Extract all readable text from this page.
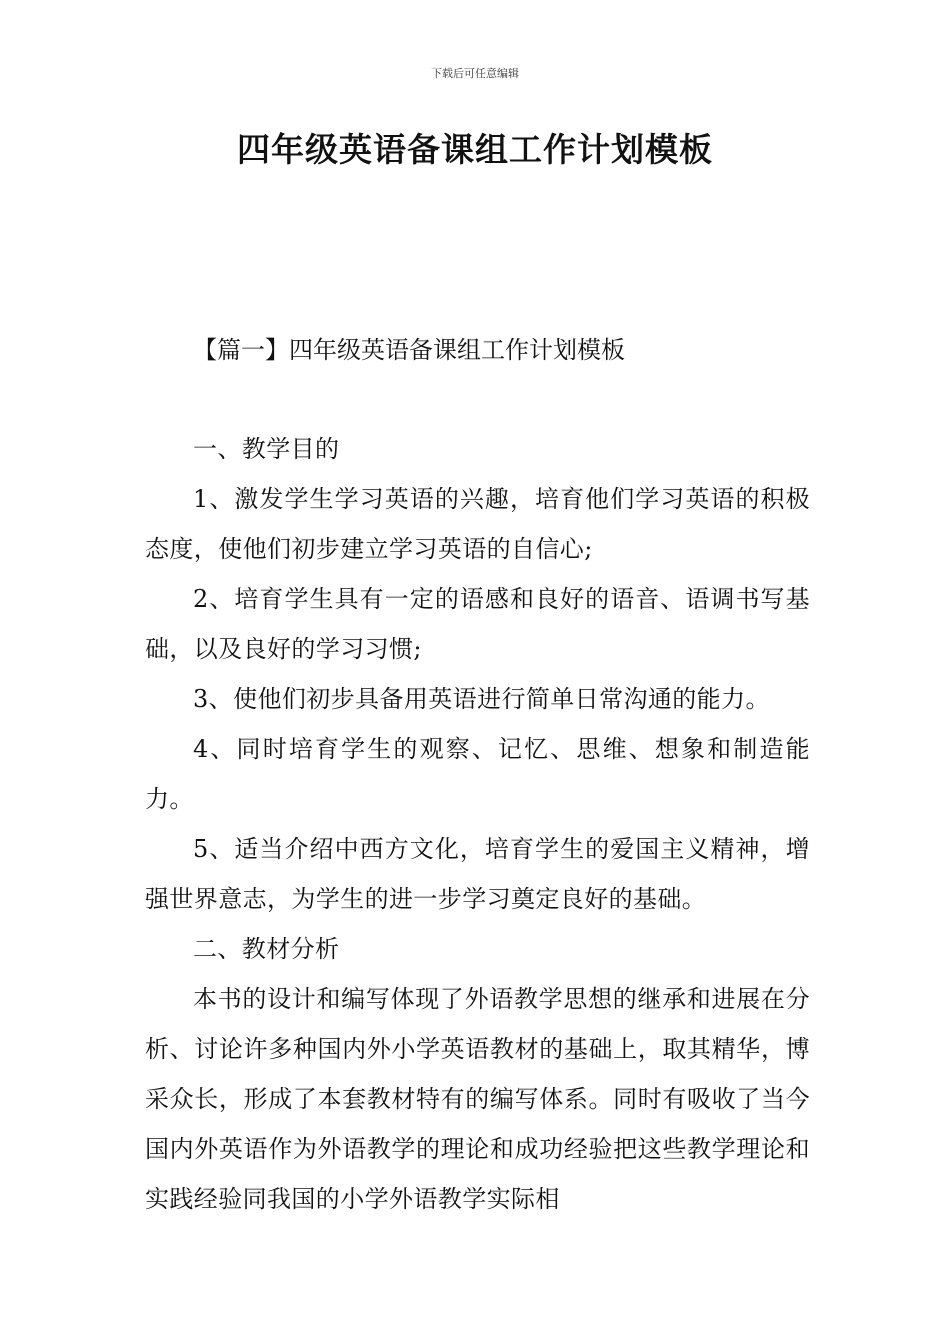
下载后可任意编辑
四年级英语备课组工作计划模板
【篇一】四年级英语备课组工作计划模板

一、教学目的

1、激发学生学习英语的兴趣，培育他们学习英语的积极态度，使他们初步建立学习英语的自信心;

2、培育学生具有一定的语感和良好的语音、语调书写基础，以及良好的学习习惯;

3、使他们初步具备用英语进行简单日常沟通的能力。

4、同时培育学生的观察、记忆、思维、想象和制造能力。

5、适当介绍中西方文化，培育学生的爱国主义精神，增强世界意志，为学生的进一步学习奠定良好的基础。

二、教材分析

本书的设计和编写体现了外语教学思想的继承和进展在分析、讨论许多种国内外小学英语教材的基础上，取其精华，博采众长，形成了本套教材特有的编写体系。同时有吸收了当今国内外英语作为外语教学的理论和成功经验把这些教学理论和实践经验同我国的小学外语教学实际相
